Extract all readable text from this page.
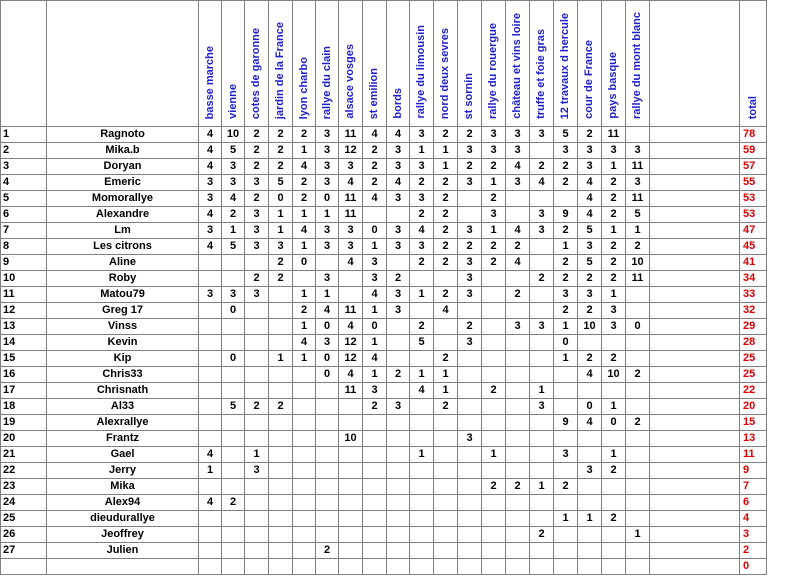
		basse marche	vienne	cotes de garonne	jardin de la France	lyon charbo	rallye du clain	alsace vosges	st emilion	bords	rallye du limousin	nord deux sevres	st sornin	rallye du rouergue	château et vins loire	truffe et foie gras	12 travaux d hercule	cour de France	pays basque	rallye du mont blanc		total
1	Ragnoto	4	10	2	2	2	3	11	4	4	3	2	2	3	3	3	5	2	11			78
2	Mika.b	4	5	2	2	1	3	12	2	3	1	1	3	3	3		3	3	3	3		59
3	Doryan	4	3	2	2	4	3	3	2	3	3	1	2	2	4	2	2	3	1	11		57
4	Emeric	3	3	3	5	2	3	4	2	4	2	2	3	1	3	4	2	4	2	3		55
5	Momorallye	3	4	2	0	2	0	11	4	3	3	2		2				4	2	11		53
6	Alexandre	4	2	3	1	1	1	11			2	2		3		3	9	4	2	5		53
7	Lm	3	1	3	1	4	3	3	0	3	4	2	3	1	4	3	2	5	1	1		47
8	Les citrons	4	5	3	3	1	3	3	1	3	3	2	2	2	2		1	3	2	2		45
9	Aline				2	0		4	3		2	2	3	2	4		2	5	2	10		41
10	Roby			2	2		3		3	2			3			2	2	2	2	11		34
11	Matou79	3	3	3		1	1		4	3	1	2	3		2		3	3	1			33
12	Greg 17		0			2	4	11	1	3		4					2	2	3			32
13	Vinss					1	0	4	0		2		2		3	3	1	10	3	0		29
14	Kevin					4	3	12	1		5		3				0					28
15	Kip		0		1	1	0	12	4			2					1	2	2			25
16	Chris33						0	4	1	2	1	1						4	10	2		25
17	Chrisnath							11	3		4	1		2		1						22
18	Al33		5	2	2				2	3		2				3		0	1			20
19	Alexrallye																9	4	0	2		15
20	Frantz							10					3									13
21	Gael	4		1							1			1			3		1			11
22	Jerry	1		3														3	2			9
23	Mika													2	2	1	2					7
24	Alex94	4	2																			6
25	dieudurallye																1	1	2			4
26	Jeoffrey															2				1		3
27	Julien						2															2
																						0
